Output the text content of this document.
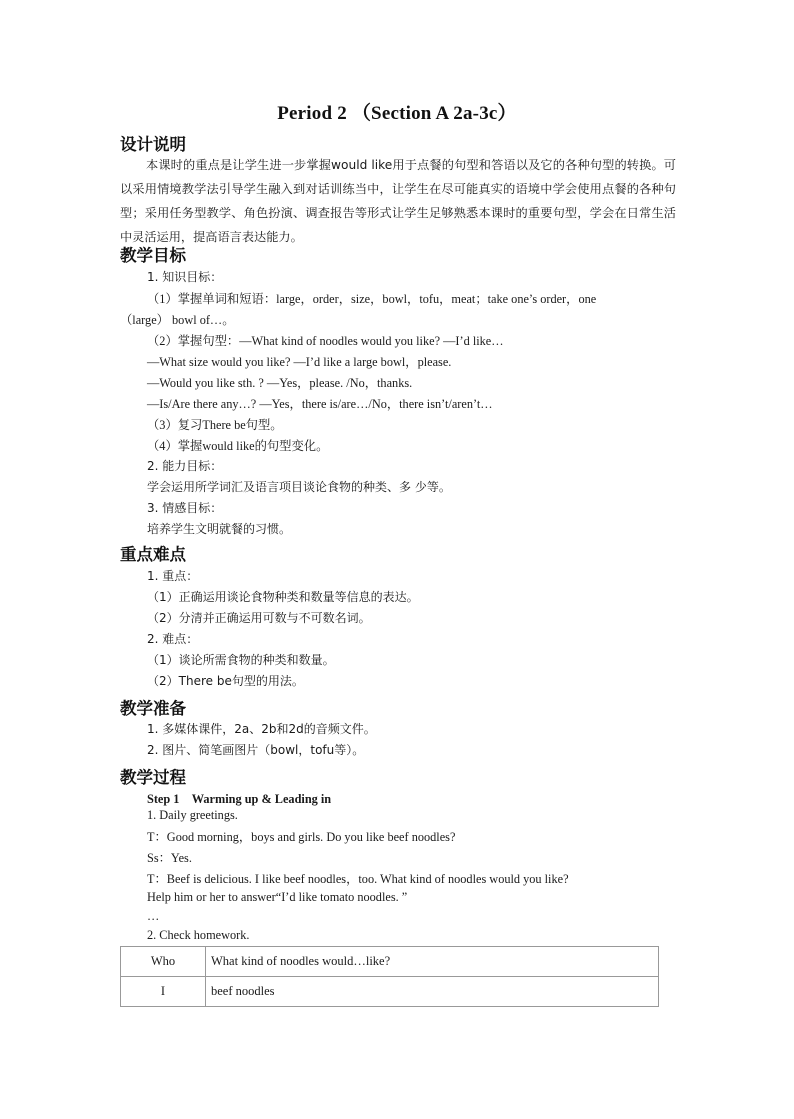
Period 2 （Section A 2a-3c）
设计说明
本课时的重点是让学生进一步掌握would like用于点餐的句型和答语以及它的各种句型的转换。可以采用情境教学法引导学生融入到对话训练当中，让学生在尽可能真实的语境中学会使用点餐的各种句型；采用任务型教学、角色扮演、调查报告等形式让学生足够熟悉本课时的重要句型，学会在日常生活中灵活运用，提高语言表达能力。
教学目标
1. 知识目标：
（1）掌握单词和短语：large，order，size，bowl，tofu，meat；take one’s order，one
（large） bowl of…。
（2）掌握句型：—What kind of noodles would you like? —I’d like…
—What size would you like? —I’d like a large bowl，please.
—Would you like sth. ? —Yes，please. /No，thanks.
—Is/Are there any…? —Yes，there is/are…/No，there isn’t/aren’t…
（3）复习There be句型。
（4）掌握would like的句型变化。
2. 能力目标：
学会运用所学词汇及语言项目谈论食物的种类、多 少等。
3. 情感目标：
培养学生文明就餐的习惯。
重点难点
1. 重点：
（1）正确运用谈论食物种类和数量等信息的表达。
（2）分清并正确运用可数与不可数名词。
2. 难点：
（1）谈论所需食物的种类和数量。
（2）There be句型的用法。
教学准备
1. 多媒体课件，2a、2b和2d的音频文件。
2. 图片、简笔画图片（bowl，tofu等）。
教学过程
Step 1　Warming up & Leading in
1. Daily greetings.
T：Good morning，boys and girls. Do you like beef noodles?
Ss：Yes.
T：Beef is delicious. I like beef noodles，too. What kind of noodles would you like?
Help him or her to answer“I’d like tomato noodles. ”
…
2. Check homework.
Who	What kind of noodles would…like?
I	beef noodles
